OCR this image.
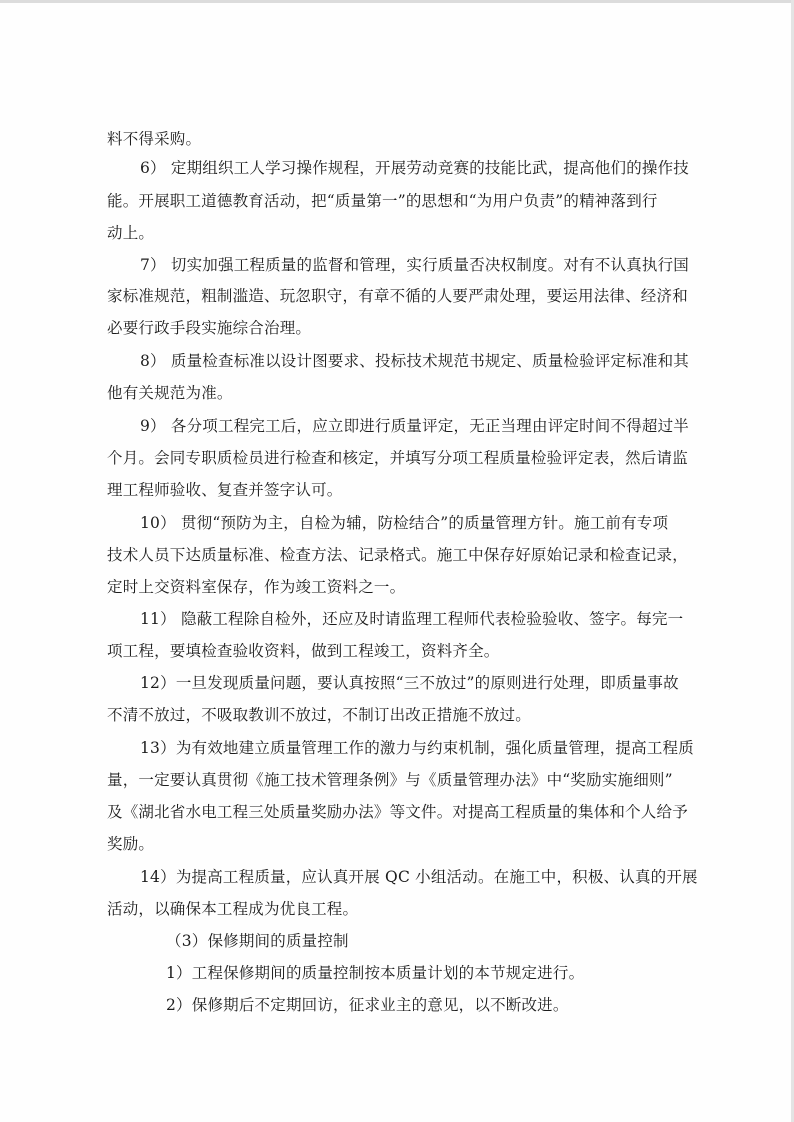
料不得采购。
6） 定期组织工人学习操作规程，开展劳动竞赛的技能比武，提高他们的操作技
能。开展职工道德教育活动，把“质量第一”的思想和“为用户负责”的精神落到行
动上。
7） 切实加强工程质量的监督和管理，实行质量否决权制度。对有不认真执行国
家标准规范，粗制滥造、玩忽职守，有章不循的人要严肃处理，要运用法律、经济和
必要行政手段实施综合治理。
8） 质量检查标准以设计图要求、投标技术规范书规定、质量检验评定标准和其
他有关规范为准。
9） 各分项工程完工后，应立即进行质量评定，无正当理由评定时间不得超过半
个月。会同专职质检员进行检查和核定，并填写分项工程质量检验评定表，然后请监
理工程师验收、复查并签字认可。
10） 贯彻“预防为主，自检为辅，防检结合”的质量管理方针。施工前有专项
技术人员下达质量标准、检查方法、记录格式。施工中保存好原始记录和检查记录，
定时上交资料室保存，作为竣工资料之一。
11） 隐蔽工程除自检外，还应及时请监理工程师代表检验验收、签字。每完一
项工程，要填检查验收资料，做到工程竣工，资料齐全。
12）一旦发现质量问题，要认真按照“三不放过”的原则进行处理，即质量事故
不清不放过，不吸取教训不放过，不制订出改正措施不放过。
13）为有效地建立质量管理工作的激力与约束机制，强化质量管理，提高工程质
量，一定要认真贯彻《施工技术管理条例》与《质量管理办法》中“奖励实施细则”
及《湖北省水电工程三处质量奖励办法》等文件。对提高工程质量的集体和个人给予
奖励。
14）为提高工程质量，应认真开展 QC 小组活动。在施工中，积极、认真的开展
活动，以确保本工程成为优良工程。
（3）保修期间的质量控制
1）工程保修期间的质量控制按本质量计划的本节规定进行。
2）保修期后不定期回访，征求业主的意见，以不断改进。
